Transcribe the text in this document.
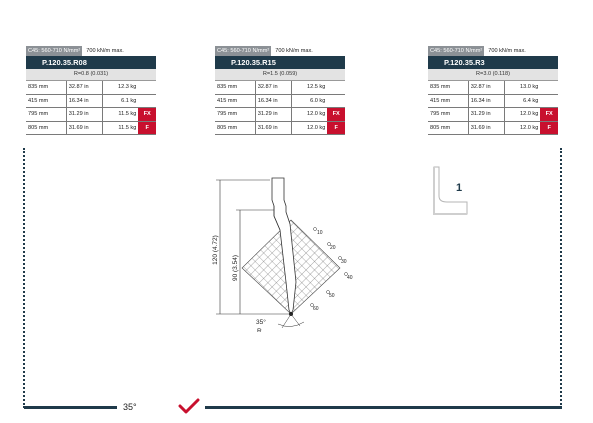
C45: 560-710 N/mm²	700 kN/m max.
P.120.35.R08
R=0.8 (0.031)
835 mm	32.87 in	12.3 kg	
415 mm	16.34 in	6.1 kg	
795 mm	31.29 in	11.5 kg	FX
805 mm	31.69 in	11.5 kg	F
C45: 560-710 N/mm²	700 kN/m max.
P.120.35.R15
R=1.5 (0.059)
835 mm	32.87 in	12.5 kg	
415 mm	16.34 in	6.0 kg	
795 mm	31.29 in	12.0 kg	FX
805 mm	31.69 in	12.0 kg	F
C45: 560-710 N/mm²	700 kN/m max.
P.120.35.R3
R=3.0 (0.118)
835 mm	32.87 in	13.0 kg	
415 mm	16.34 in	6.4 kg	
795 mm	31.29 in	12.0 kg	FX
805 mm	31.69 in	12.0 kg	F
10
20
30
40
50
60
120 (4.72)
90 (3.54)
35°
R
1
35°
